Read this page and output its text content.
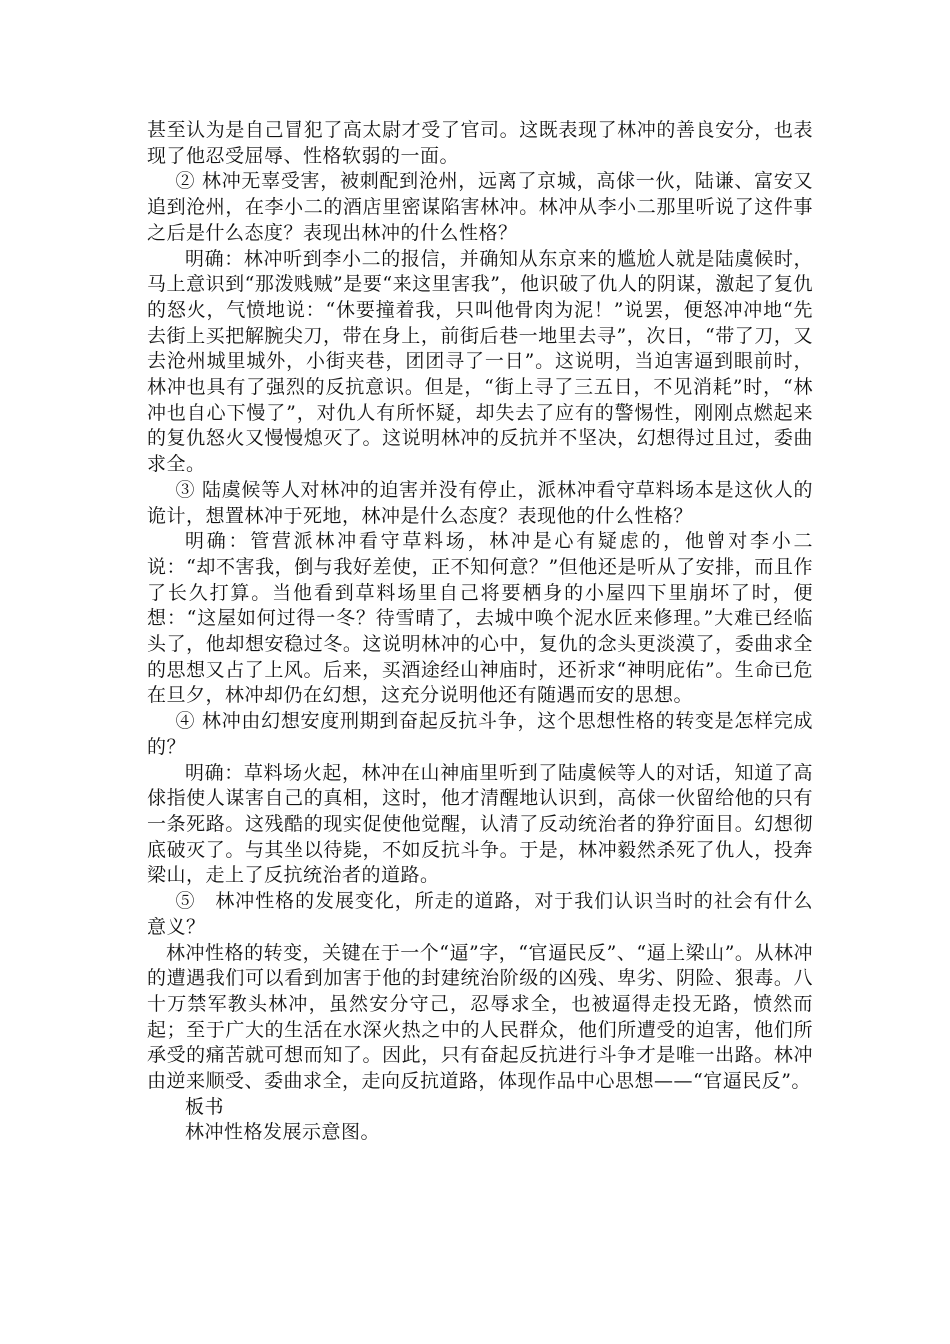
甚至认为是自己冒犯了高太尉才受了官司。这既表现了林冲的善良安分，也表现了他忍受屈辱、性格软弱的一面。

② 林冲无辜受害，被刺配到沧州，远离了京城，高俅一伙，陆谦、富安又追到沧州，在李小二的酒店里密谋陷害林冲。林冲从李小二那里听说了这件事之后是什么态度？表现出林冲的什么性格？

明确：林冲听到李小二的报信，并确知从东京来的尴尬人就是陆虞候时，马上意识到“那泼贱贼”是要“来这里害我”，他识破了仇人的阴谋，激起了复仇的怒火，气愤地说：“休要撞着我，只叫他骨肉为泥！”说罢，便怒冲冲地“先去街上买把解腕尖刀，带在身上，前街后巷一地里去寻”，次日，“带了刀，又去沧州城里城外，小街夹巷，团团寻了一日”。这说明，当迫害逼到眼前时，林冲也具有了强烈的反抗意识。但是，“街上寻了三五日，不见消耗”时，“林冲也自心下慢了”，对仇人有所怀疑，却失去了应有的警惕性，刚刚点燃起来的复仇怒火又慢慢熄灭了。这说明林冲的反抗并不坚决，幻想得过且过，委曲求全。

③ 陆虞候等人对林冲的迫害并没有停止，派林冲看守草料场本是这伙人的诡计，想置林冲于死地，林冲是什么态度？表现他的什么性格？

明确：管营派林冲看守草料场，林冲是心有疑虑的，他曾对李小二说：“却不害我，倒与我好差使，正不知何意？”但他还是听从了安排，而且作了长久打算。当他看到草料场里自己将要栖身的小屋四下里崩坏了时，便想：“这屋如何过得一冬？待雪晴了，去城中唤个泥水匠来修理。”大难已经临头了，他却想安稳过冬。这说明林冲的心中，复仇的念头更淡漠了，委曲求全的思想又占了上风。后来，买酒途经山神庙时，还祈求“神明庇佑”。生命已危在旦夕，林冲却仍在幻想，这充分说明他还有随遇而安的思想。

④ 林冲由幻想安度刑期到奋起反抗斗争，这个思想性格的转变是怎样完成的？

明确：草料场火起，林冲在山神庙里听到了陆虞候等人的对话，知道了高俅指使人谋害自己的真相，这时，他才清醒地认识到，高俅一伙留给他的只有一条死路。这残酷的现实促使他觉醒，认清了反动统治者的狰狞面目。幻想彻底破灭了。与其坐以待毙，不如反抗斗争。于是，林冲毅然杀死了仇人，投奔梁山，走上了反抗统治者的道路。

⑤　林冲性格的发展变化，所走的道路，对于我们认识当时的社会有什么意义？

林冲性格的转变，关键在于一个“逼”字，“官逼民反”、“逼上梁山”。从林冲的遭遇我们可以看到加害于他的封建统治阶级的凶残、卑劣、阴险、狠毒。八十万禁军教头林冲，虽然安分守己，忍辱求全，也被逼得走投无路，愤然而起；至于广大的生活在水深火热之中的人民群众，他们所遭受的迫害，他们所承受的痛苦就可想而知了。因此，只有奋起反抗进行斗争才是唯一出路。林冲由逆来顺受、委曲求全，走向反抗道路，体现作品中心思想——“官逼民反”。

板书

林冲性格发展示意图。
